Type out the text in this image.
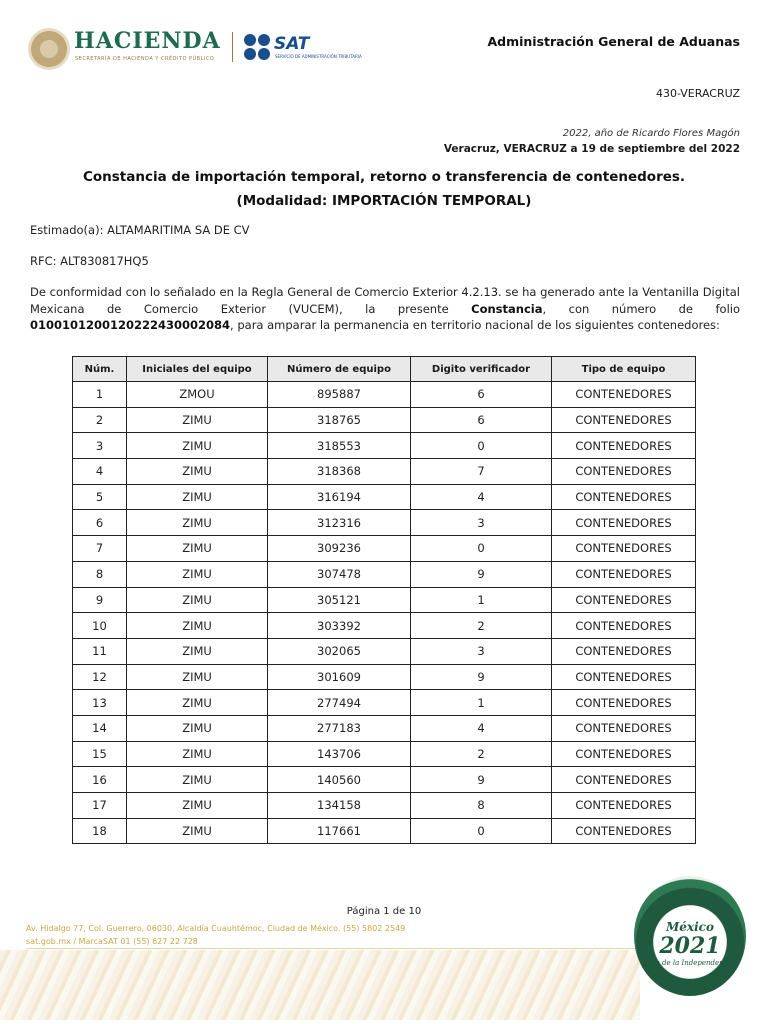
HACIENDA
SECRETARÍA DE HACIENDA Y CRÉDITO PÚBLICO
SAT
SERVICIO DE ADMINISTRACIÓN TRIBUTARIA
Administración General de Aduanas
430-VERACRUZ
2022, año de Ricardo Flores Magón
Veracruz, VERACRUZ a 19 de septiembre del 2022
Constancia de importación temporal, retorno o transferencia de contenedores.
(Modalidad: IMPORTACIÓN TEMPORAL)
Estimado(a): ALTAMARITIMA SA DE CV
RFC: ALT830817HQ5
De conformidad con lo señalado en la Regla General de Comercio Exterior 4.2.13. se ha generado ante la Ventanilla Digital Mexicana de Comercio Exterior (VUCEM), la presente Constancia, con número de folio 0100101200120222430002084, para amparar la permanencia en territorio nacional de los siguientes contenedores:
Núm.	Iniciales del equipo	Número de equipo	Digito verificador	Tipo de equipo
1	ZMOU	895887	6	CONTENEDORES
2	ZIMU	318765	6	CONTENEDORES
3	ZIMU	318553	0	CONTENEDORES
4	ZIMU	318368	7	CONTENEDORES
5	ZIMU	316194	4	CONTENEDORES
6	ZIMU	312316	3	CONTENEDORES
7	ZIMU	309236	0	CONTENEDORES
8	ZIMU	307478	9	CONTENEDORES
9	ZIMU	305121	1	CONTENEDORES
10	ZIMU	303392	2	CONTENEDORES
11	ZIMU	302065	3	CONTENEDORES
12	ZIMU	301609	9	CONTENEDORES
13	ZIMU	277494	1	CONTENEDORES
14	ZIMU	277183	4	CONTENEDORES
15	ZIMU	143706	2	CONTENEDORES
16	ZIMU	140560	9	CONTENEDORES
17	ZIMU	134158	8	CONTENEDORES
18	ZIMU	117661	0	CONTENEDORES
Página 1 de 10
Av. Hidalgo 77, Col. Guerrero, 06030, Alcaldía Cuauhtémoc, Ciudad de México. (55) 5802 2549
sat.gob.mx / MarcaSAT 01 (55) 627 22 728
México
2021
Año de la Independencia
